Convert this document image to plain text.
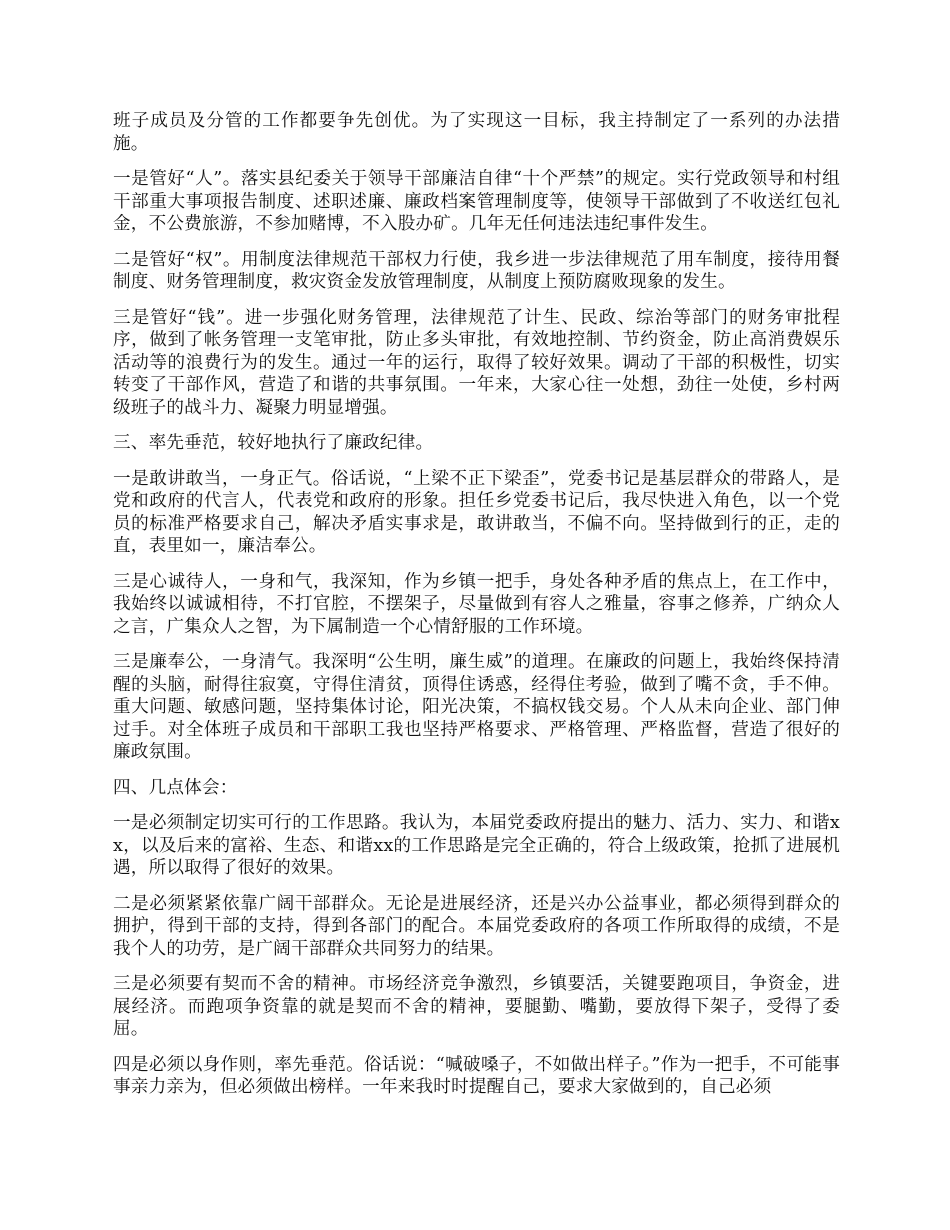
班子成员及分管的工作都要争先创优。为了实现这一目标，我主持制定了一系列的办法措施。

一是管好“人”。落实县纪委关于领导干部廉洁自律“十个严禁”的规定。实行党政领导和村组干部重大事项报告制度、述职述廉、廉政档案管理制度等，使领导干部做到了不收送红包礼金，不公费旅游，不参加赌博，不入股办矿。几年无任何违法违纪事件发生。

二是管好“权”。用制度法律规范干部权力行使，我乡进一步法律规范了用车制度，接待用餐制度、财务管理制度，救灾资金发放管理制度，从制度上预防腐败现象的发生。

三是管好“钱”。进一步强化财务管理，法律规范了计生、民政、综治等部门的财务审批程序，做到了帐务管理一支笔审批，防止多头审批，有效地控制、节约资金，防止高消费娱乐活动等的浪费行为的发生。通过一年的运行，取得了较好效果。调动了干部的积极性，切实转变了干部作风，营造了和谐的共事氛围。一年来，大家心往一处想，劲往一处使，乡村两级班子的战斗力、凝聚力明显增强。

三、率先垂范，较好地执行了廉政纪律。

一是敢讲敢当，一身正气。俗话说，“上梁不正下梁歪”，党委书记是基层群众的带路人，是党和政府的代言人，代表党和政府的形象。担任乡党委书记后，我尽快进入角色，以一个党员的标准严格要求自己，解决矛盾实事求是，敢讲敢当，不偏不向。坚持做到行的正，走的直，表里如一，廉洁奉公。

三是心诚待人，一身和气，我深知，作为乡镇一把手，身处各种矛盾的焦点上，在工作中，我始终以诚诚相待，不打官腔，不摆架子，尽量做到有容人之雅量，容事之修养，广纳众人之言，广集众人之智，为下属制造一个心情舒服的工作环境。

三是廉奉公，一身清气。我深明“公生明，廉生威”的道理。在廉政的问题上，我始终保持清醒的头脑，耐得往寂寞，守得住清贫，顶得住诱惑，经得住考验，做到了嘴不贪，手不伸。重大问题、敏感问题，坚持集体讨论，阳光决策，不搞权钱交易。个人从未向企业、部门伸过手。对全体班子成员和干部职工我也坚持严格要求、严格管理、严格监督，营造了很好的廉政氛围。

四、几点体会：

一是必须制定切实可行的工作思路。我认为，本届党委政府提出的魅力、活力、实力、和谐xx，以及后来的富裕、生态、和谐xx的工作思路是完全正确的，符合上级政策，抢抓了进展机遇，所以取得了很好的效果。

二是必须紧紧依靠广阔干部群众。无论是进展经济，还是兴办公益事业，都必须得到群众的拥护，得到干部的支持，得到各部门的配合。本届党委政府的各项工作所取得的成绩，不是我个人的功劳，是广阔干部群众共同努力的结果。

三是必须要有契而不舍的精神。市场经济竞争激烈，乡镇要活，关键要跑项目，争资金，进展经济。而跑项争资靠的就是契而不舍的精神，要腿勤、嘴勤，要放得下架子，受得了委屈。

四是必须以身作则，率先垂范。俗话说：“喊破嗓子，不如做出样子。”作为一把手，不可能事事亲力亲为，但必须做出榜样。一年来我时时提醒自己，要求大家做到的，自己必须
